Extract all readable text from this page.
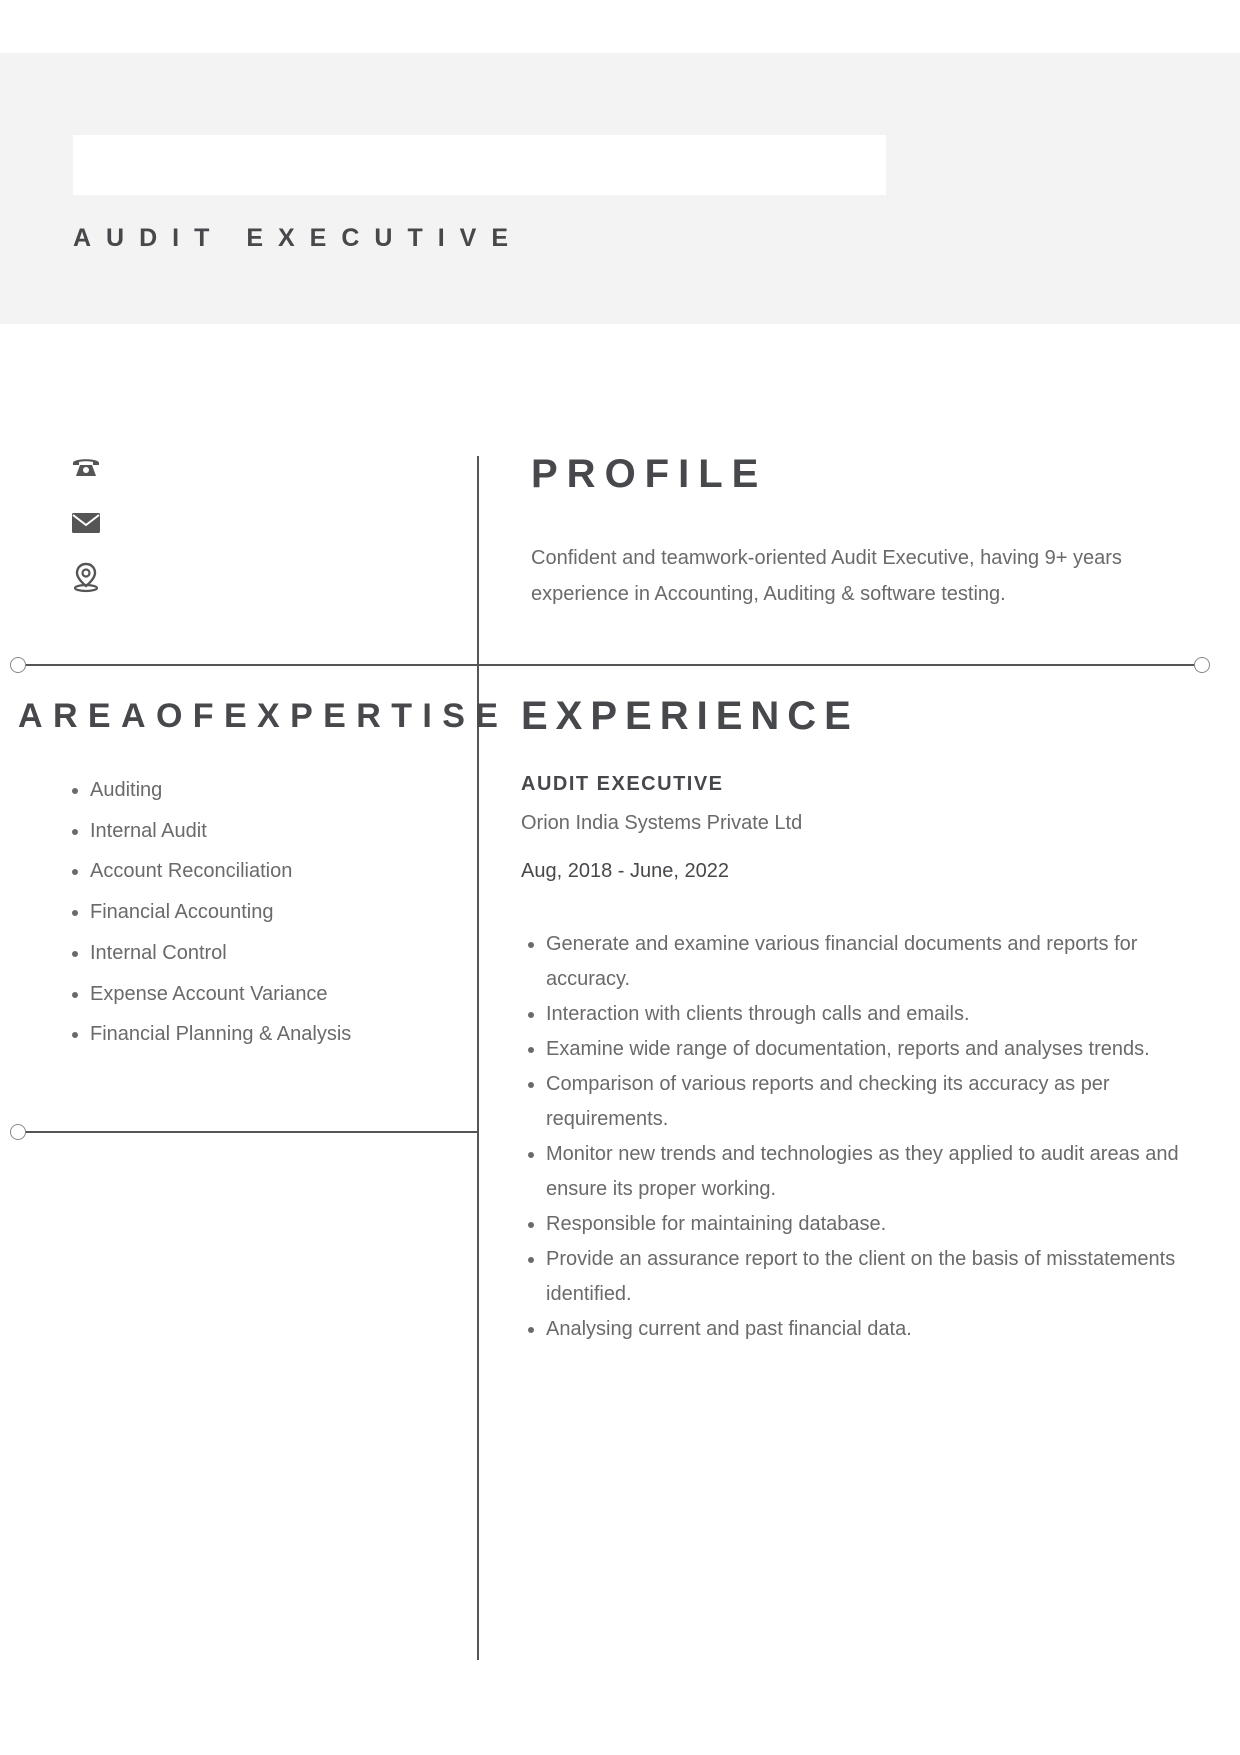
AUDIT EXECUTIVE
PROFILE

Confident and teamwork-oriented Audit Executive, having 9+ years experience in Accounting, Auditing & software testing.

AREAOFEXPERTISE
• Auditing
• Internal Audit
• Account Reconciliation
• Financial Accounting
• Internal Control
• Expense Account Variance
• Financial Planning & Analysis
EXPERIENCE

AUDIT EXECUTIVE

Orion India Systems Private Ltd

Aug, 2018 - June, 2022

• Generate and examine various financial documents and reports for accuracy.
• Interaction with clients through calls and emails.
• Examine wide range of documentation, reports and analyses trends.
• Comparison of various reports and checking its accuracy as per requirements.
• Monitor new trends and technologies as they applied to audit areas and ensure its proper working.
• Responsible for maintaining database.
• Provide an assurance report to the client on the basis of misstatements identified.
• Analysing current and past financial data.
